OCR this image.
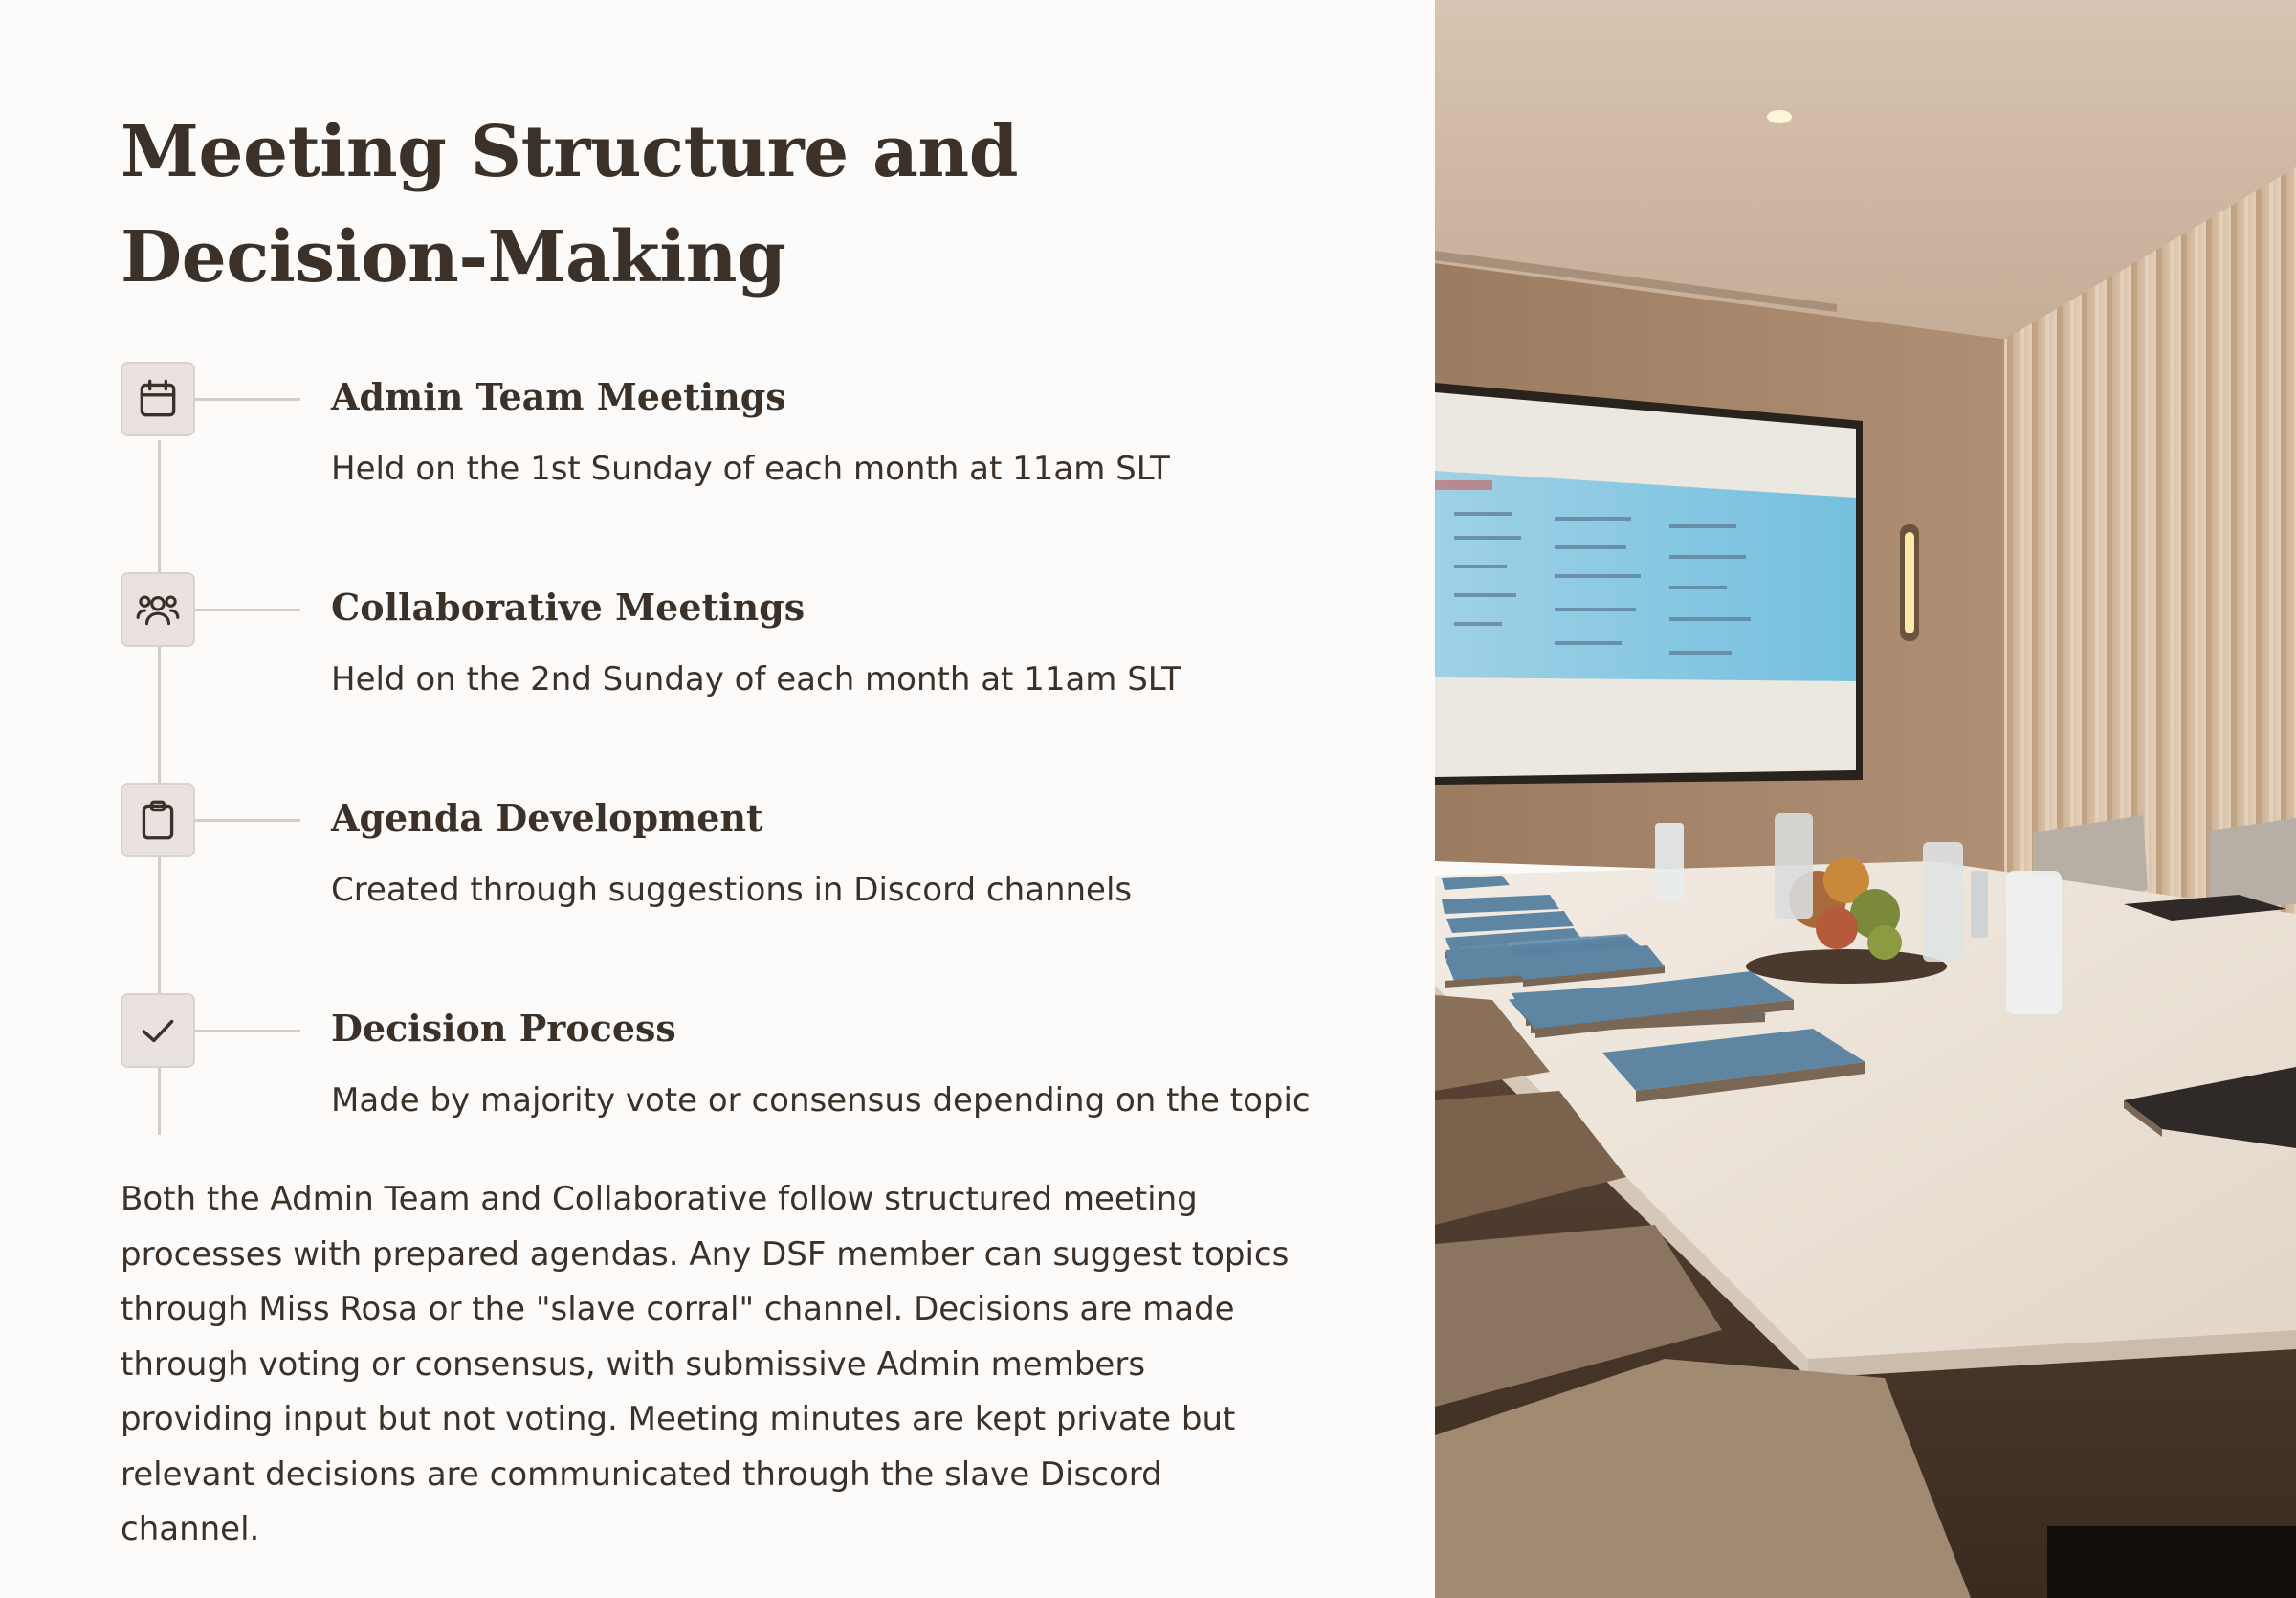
Meeting Structure and Decision-Making
Admin Team Meetings

Held on the 1st Sunday of each month at 11am SLT

Collaborative Meetings

Held on the 2nd Sunday of each month at 11am SLT

Agenda Development

Created through suggestions in Discord channels

Decision Process

Made by majority vote or consensus depending on the topic

Both the Admin Team and Collaborative follow structured meeting processes with prepared agendas. Any DSF member can suggest topics through Miss Rosa or the "slave corral" channel. Decisions are made through voting or consensus, with submissive Admin members providing input but not voting. Meeting minutes are kept private but relevant decisions are communicated through the slave Discord channel.
